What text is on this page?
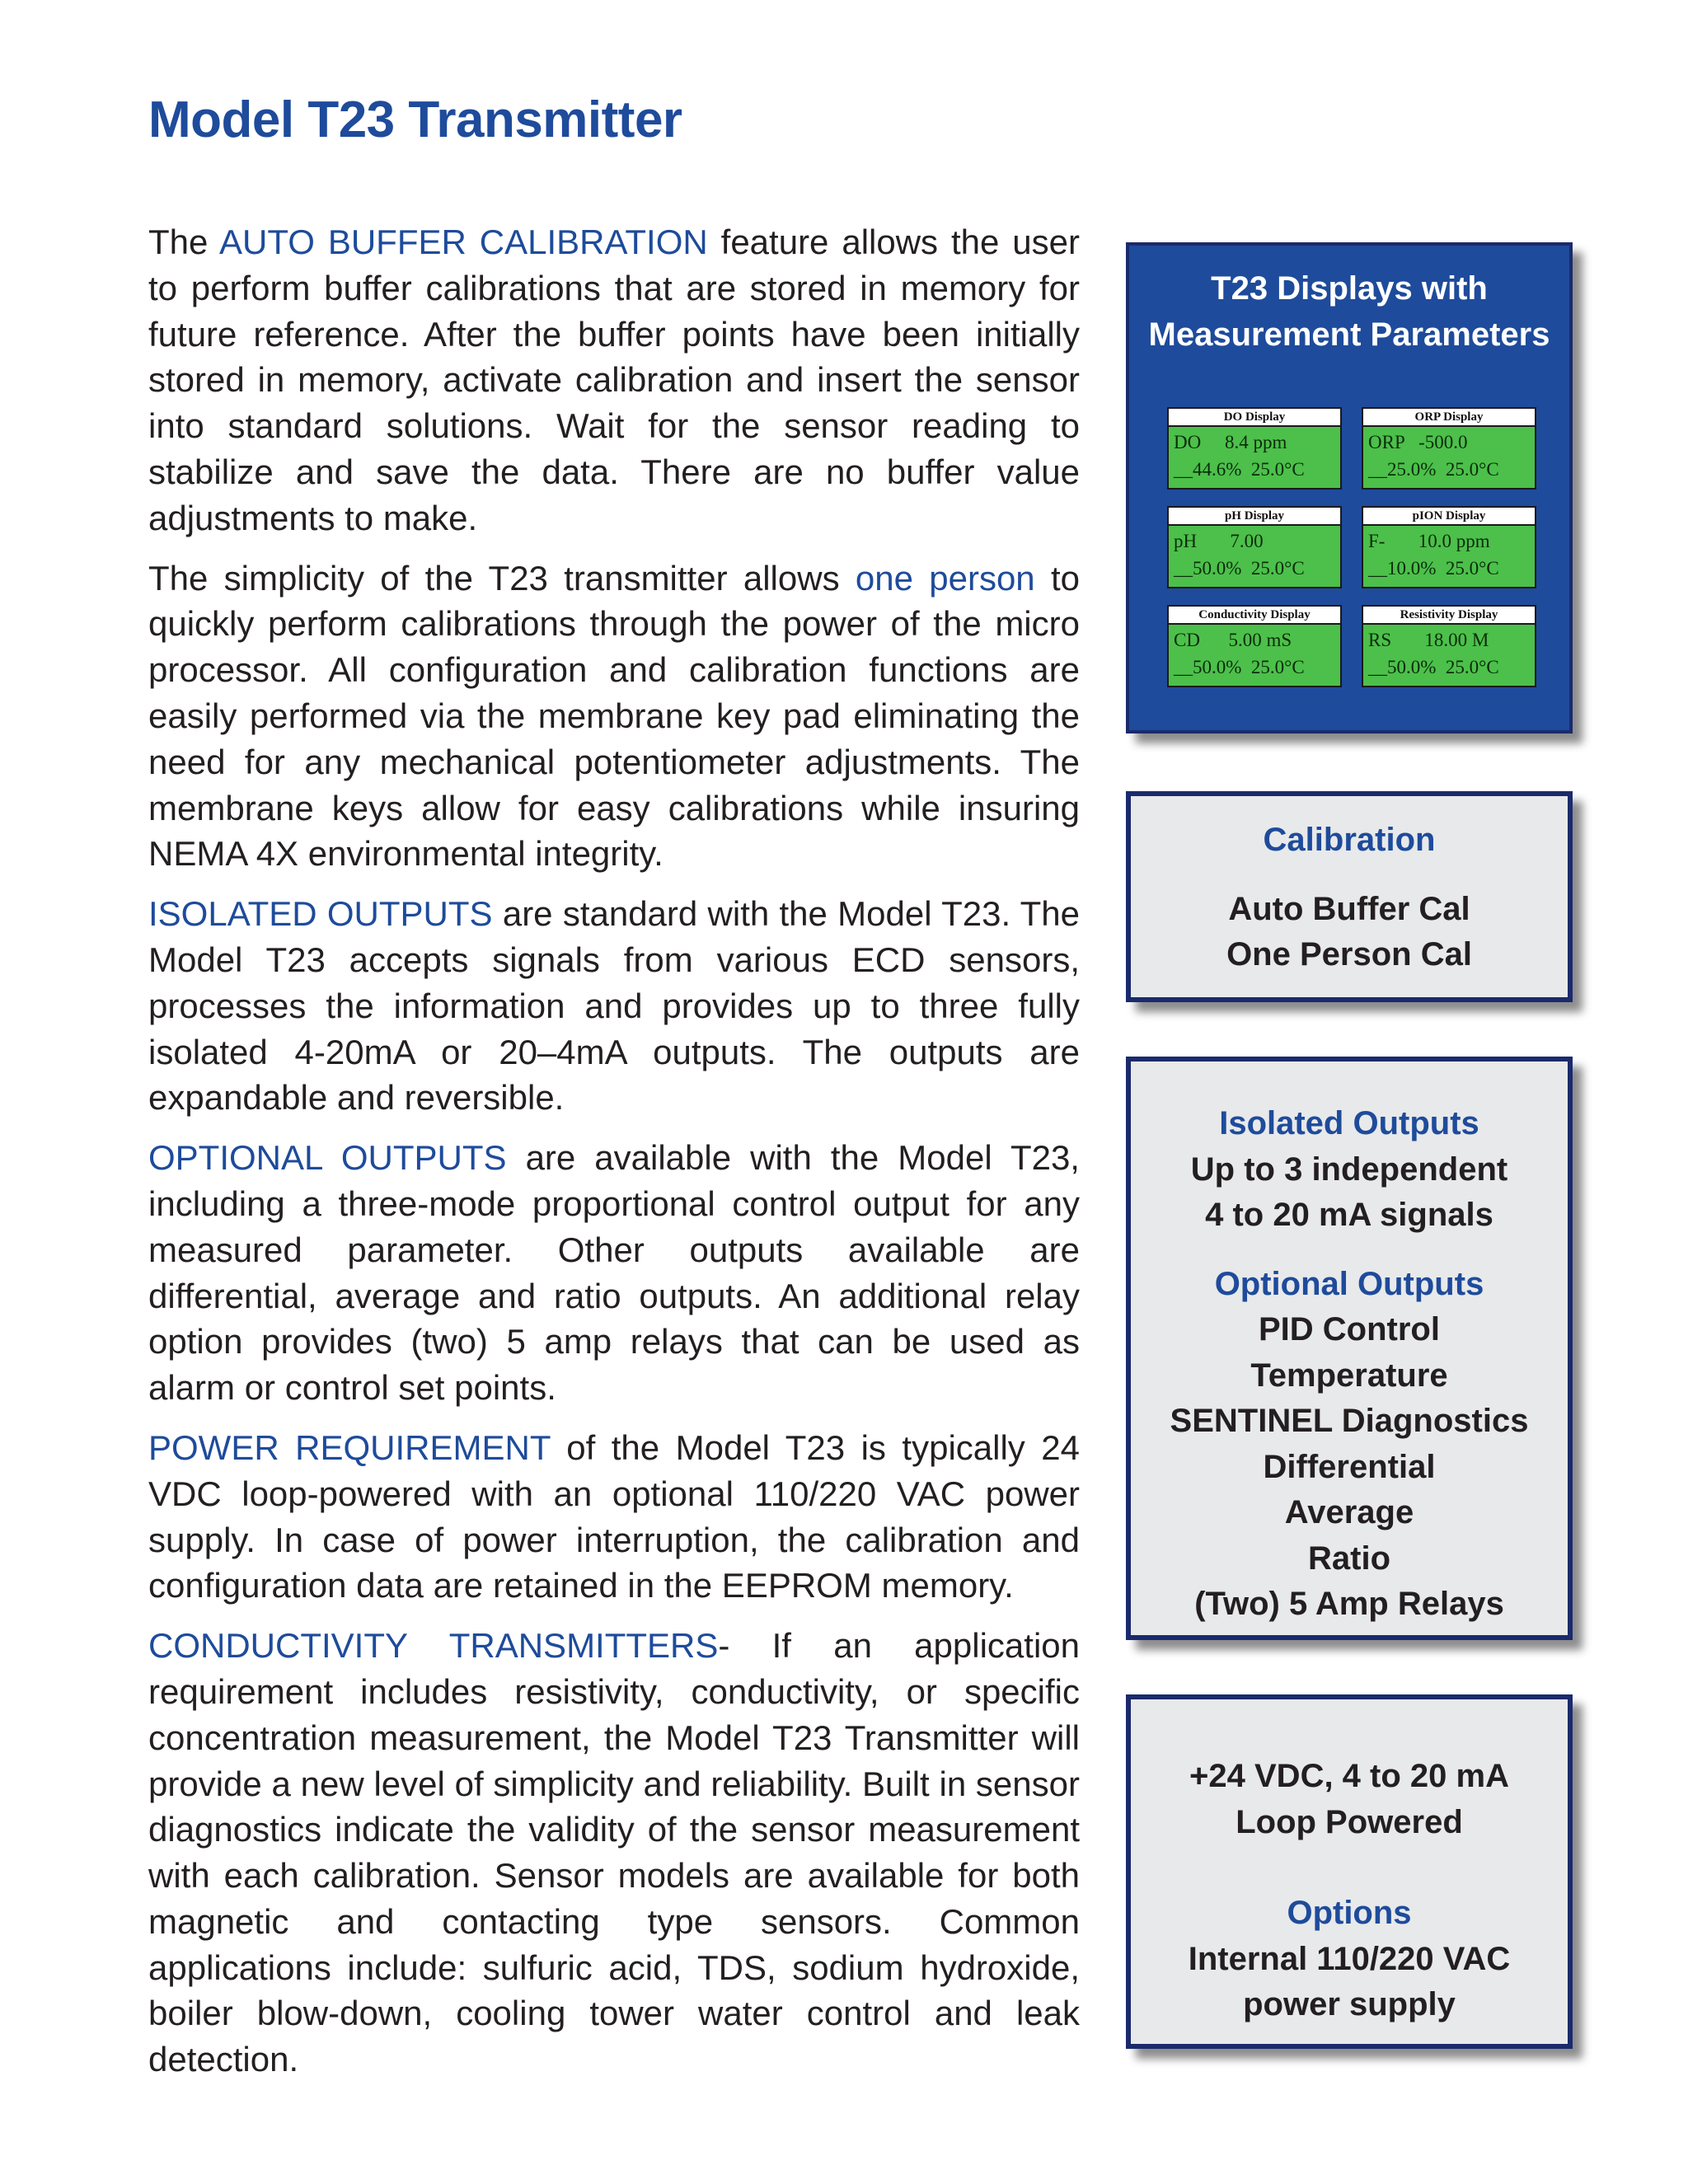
Model T23 Transmitter

The AUTO BUFFER CALIBRATION feature allows the user to perform buffer calibrations that are stored in memory for future reference. After the buffer points have been initially stored in memory, activate calibration and insert the sensor into standard solutions. Wait for the sensor reading to stabilize and save the data. There are no buffer value adjustments to make.

The simplicity of the T23 transmitter allows one person to quickly perform calibrations through the power of the micro processor. All configuration and calibration functions are easily performed via the membrane key pad eliminating the need for any mechanical potentiometer adjustments. The membrane keys allow for easy calibrations while insuring NEMA 4X environmental integrity.

ISOLATED OUTPUTS are standard with the Model T23. The Model T23 accepts signals from various ECD sensors, processes the information and provides up to three fully isolated 4-20mA or 20–4mA outputs. The outputs are expandable and reversible.

OPTIONAL OUTPUTS are available with the Model T23, including a three-mode proportional control output for any measured parameter. Other outputs available are differential, average and ratio outputs. An additional relay option provides (two) 5 amp relays that can be used as alarm or control set points.

POWER REQUIREMENT of the Model T23 is typically 24 VDC loop-powered with an optional 110/220 VAC power supply. In case of power interruption, the calibration and configuration data are retained in the EEPROM memory.

CONDUCTIVITY TRANSMITTERS- If an application requirement includes resistivity, conductivity, or specific concentration measurement, the Model T23 Transmitter will provide a new level of simplicity and reliability. Built in sensor diagnostics indicate the validity of the sensor measurement with each calibration. Sensor models are available for both magnetic and contacting type sensors. Common applications include: sulfuric acid, TDS, sodium hydroxide, boiler blow-down, cooling tower water control and leak detection.

T23 Displays with
Measurement Parameters
DO Display
DO     8.4 ppm
__44.6%  25.0°C
ORP Display
ORP   -500.0
__25.0%  25.0°C
pH Display
pH       7.00
__50.0%  25.0°C
pION Display
F-       10.0 ppm
__10.0%  25.0°C
Conductivity Display
CD      5.00 mS
__50.0%  25.0°C
Resistivity Display
RS       18.00 M
__50.0%  25.0°C
Calibration
Auto Buffer Cal
One Person Cal
Isolated Outputs
Up to 3 independent
4 to 20 mA signals
Optional Outputs
PID Control
Temperature
SENTINEL Diagnostics
Differential
Average
Ratio
(Two) 5 Amp Relays
+24 VDC, 4 to 20 mA
Loop Powered
Options
Internal 110/220 VAC
power supply
